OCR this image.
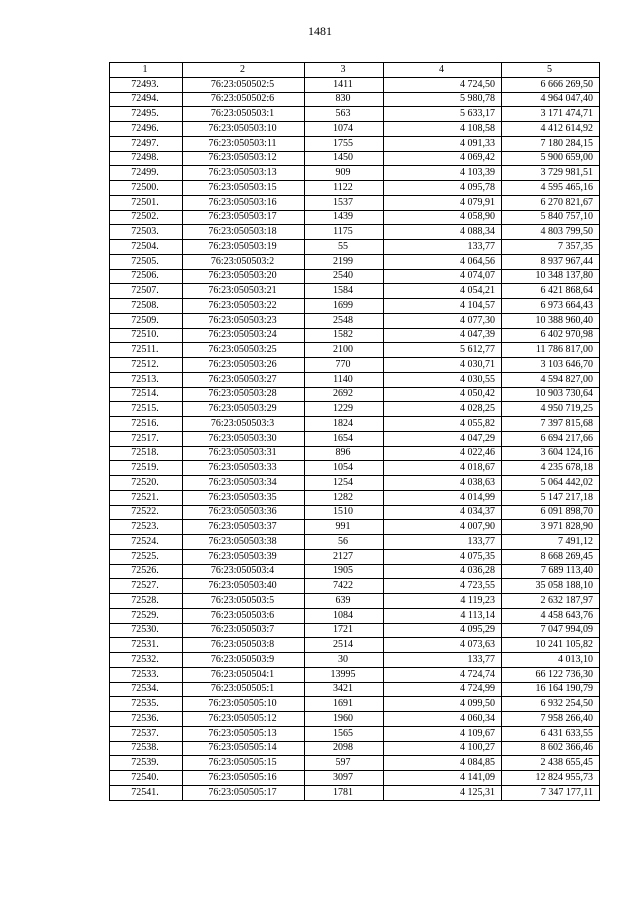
1481
1	2	3	4	5
72493.	76:23:050502:5	1411	4 724,50	6 666 269,50
72494.	76:23:050502:6	830	5 980,78	4 964 047,40
72495.	76:23:050503:1	563	5 633,17	3 171 474,71
72496.	76:23:050503:10	1074	4 108,58	4 412 614,92
72497.	76:23:050503:11	1755	4 091,33	7 180 284,15
72498.	76:23:050503:12	1450	4 069,42	5 900 659,00
72499.	76:23:050503:13	909	4 103,39	3 729 981,51
72500.	76:23:050503:15	1122	4 095,78	4 595 465,16
72501.	76:23:050503:16	1537	4 079,91	6 270 821,67
72502.	76:23:050503:17	1439	4 058,90	5 840 757,10
72503.	76:23:050503:18	1175	4 088,34	4 803 799,50
72504.	76:23:050503:19	55	133,77	7 357,35
72505.	76:23:050503:2	2199	4 064,56	8 937 967,44
72506.	76:23:050503:20	2540	4 074,07	10 348 137,80
72507.	76:23:050503:21	1584	4 054,21	6 421 868,64
72508.	76:23:050503:22	1699	4 104,57	6 973 664,43
72509.	76:23:050503:23	2548	4 077,30	10 388 960,40
72510.	76:23:050503:24	1582	4 047,39	6 402 970,98
72511.	76:23:050503:25	2100	5 612,77	11 786 817,00
72512.	76:23:050503:26	770	4 030,71	3 103 646,70
72513.	76:23:050503:27	1140	4 030,55	4 594 827,00
72514.	76:23:050503:28	2692	4 050,42	10 903 730,64
72515.	76:23:050503:29	1229	4 028,25	4 950 719,25
72516.	76:23:050503:3	1824	4 055,82	7 397 815,68
72517.	76:23:050503:30	1654	4 047,29	6 694 217,66
72518.	76:23:050503:31	896	4 022,46	3 604 124,16
72519.	76:23:050503:33	1054	4 018,67	4 235 678,18
72520.	76:23:050503:34	1254	4 038,63	5 064 442,02
72521.	76:23:050503:35	1282	4 014,99	5 147 217,18
72522.	76:23:050503:36	1510	4 034,37	6 091 898,70
72523.	76:23:050503:37	991	4 007,90	3 971 828,90
72524.	76:23:050503:38	56	133,77	7 491,12
72525.	76:23:050503:39	2127	4 075,35	8 668 269,45
72526.	76:23:050503:4	1905	4 036,28	7 689 113,40
72527.	76:23:050503:40	7422	4 723,55	35 058 188,10
72528.	76:23:050503:5	639	4 119,23	2 632 187,97
72529.	76:23:050503:6	1084	4 113,14	4 458 643,76
72530.	76:23:050503:7	1721	4 095,29	7 047 994,09
72531.	76:23:050503:8	2514	4 073,63	10 241 105,82
72532.	76:23:050503:9	30	133,77	4 013,10
72533.	76:23:050504:1	13995	4 724,74	66 122 736,30
72534.	76:23:050505:1	3421	4 724,99	16 164 190,79
72535.	76:23:050505:10	1691	4 099,50	6 932 254,50
72536.	76:23:050505:12	1960	4 060,34	7 958 266,40
72537.	76:23:050505:13	1565	4 109,67	6 431 633,55
72538.	76:23:050505:14	2098	4 100,27	8 602 366,46
72539.	76:23:050505:15	597	4 084,85	2 438 655,45
72540.	76:23:050505:16	3097	4 141,09	12 824 955,73
72541.	76:23:050505:17	1781	4 125,31	7 347 177,11
